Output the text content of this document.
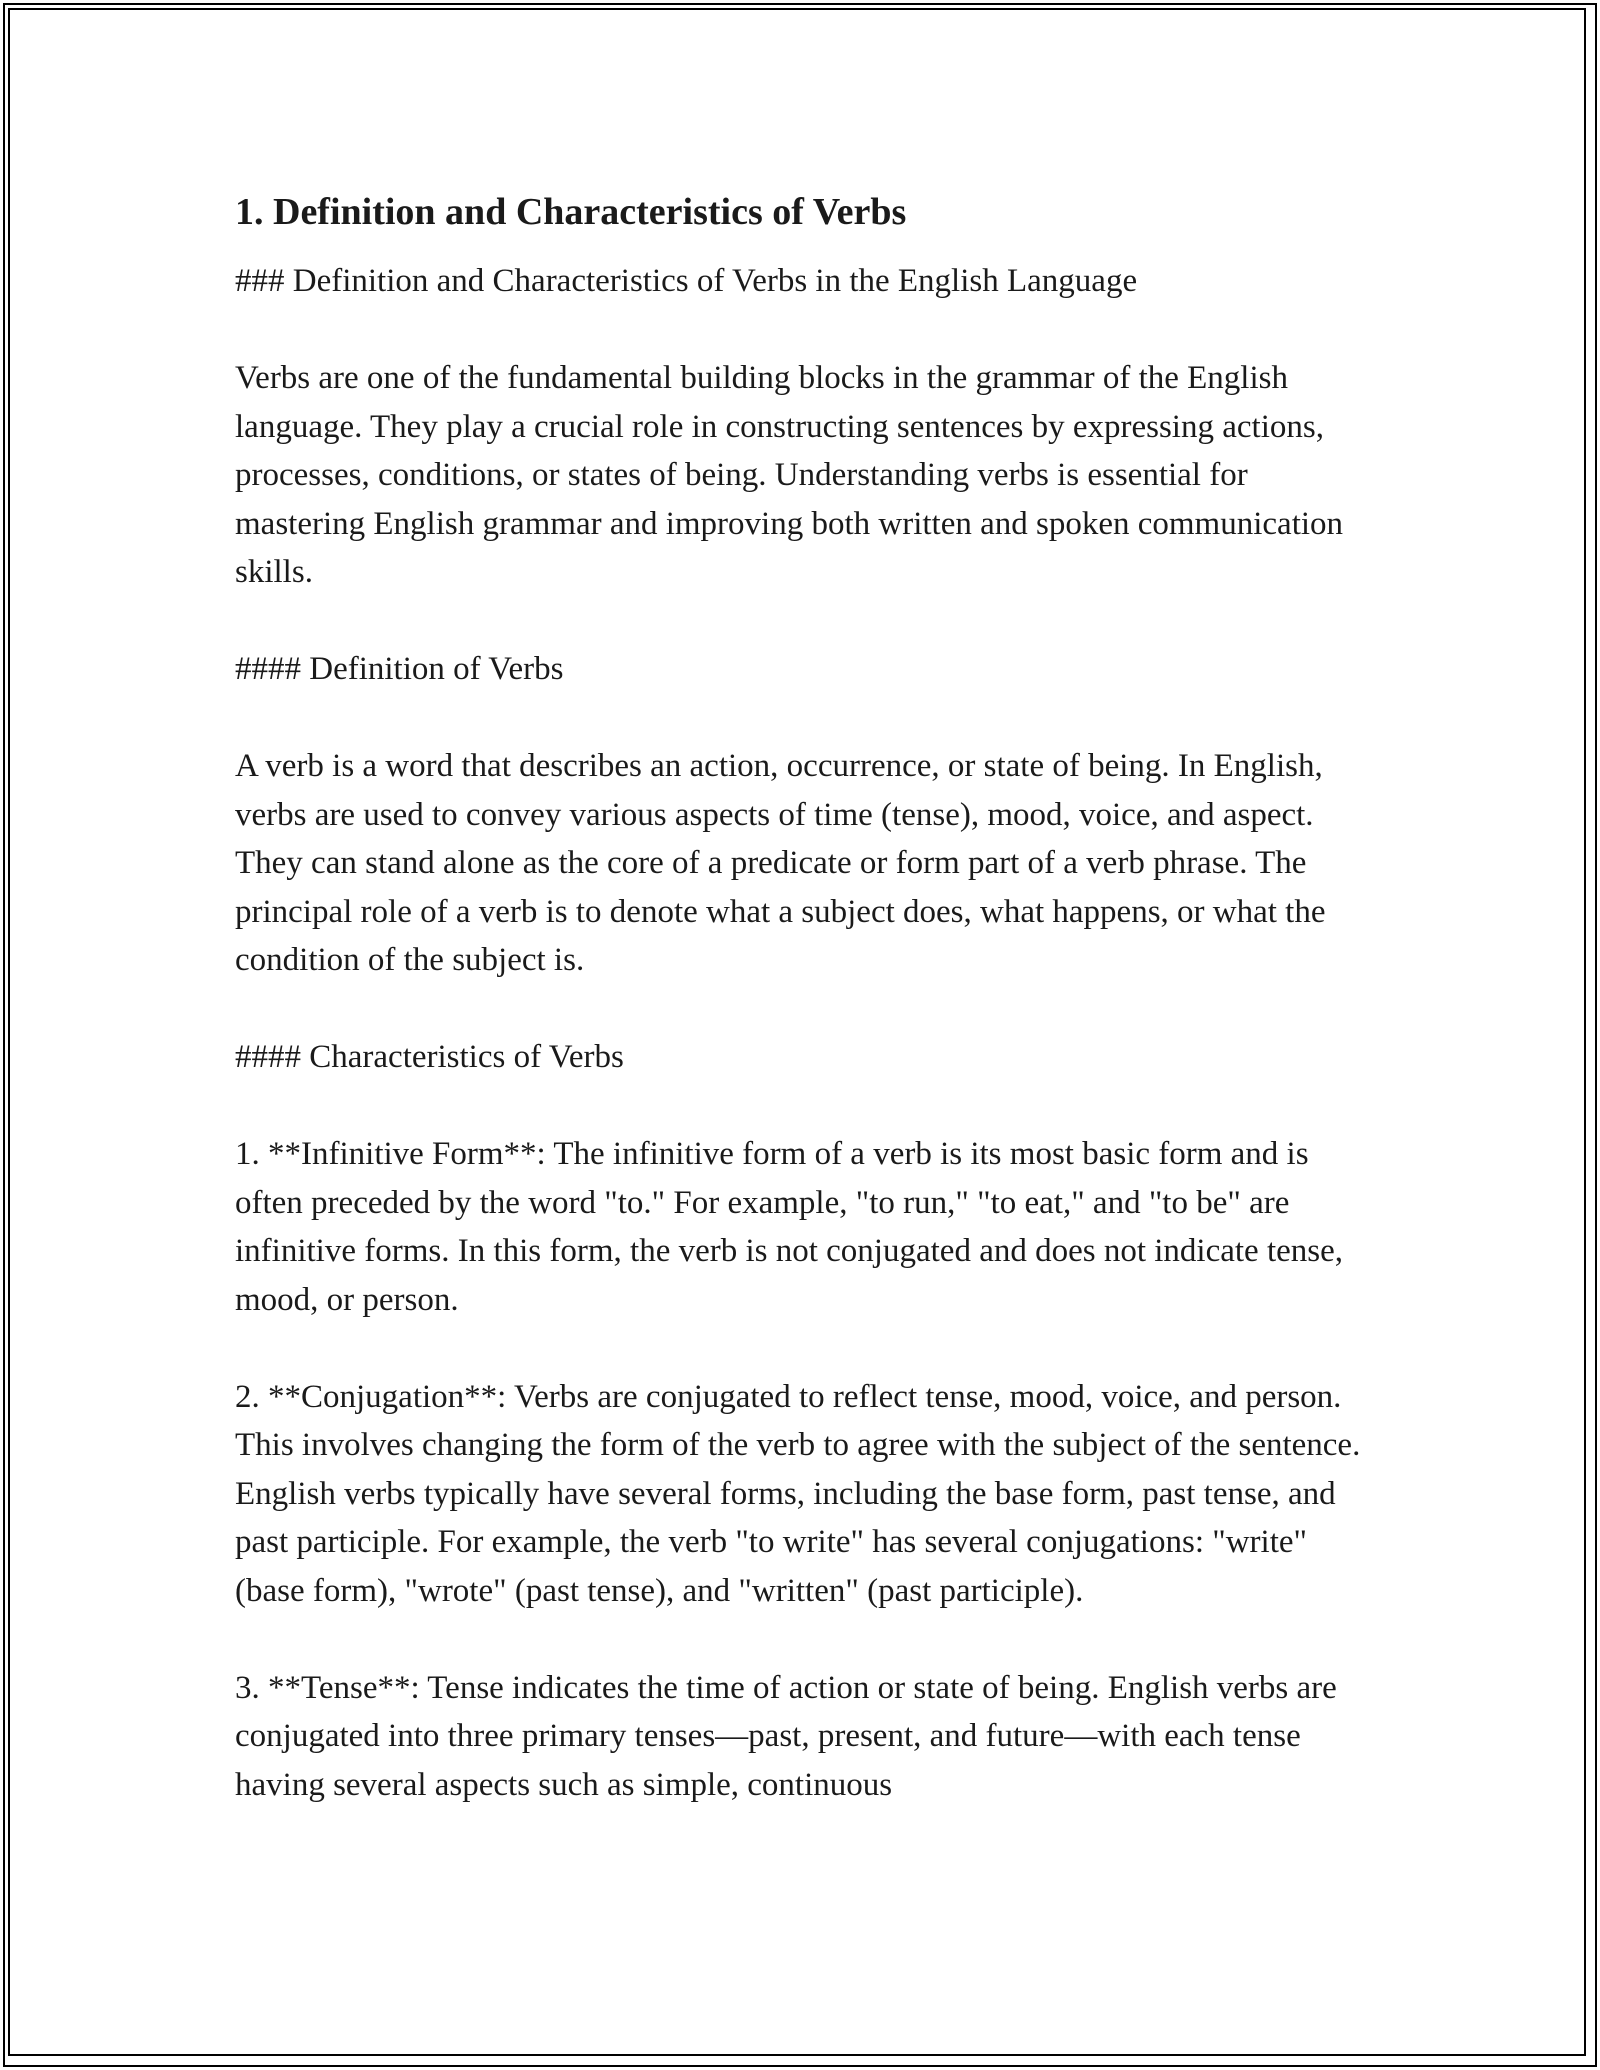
1. Definition and Characteristics of Verbs

### Definition and Characteristics of Verbs in the English Language

Verbs are one of the fundamental building blocks in the grammar of the English language. They play a crucial role in constructing sentences by expressing actions, processes, conditions, or states of being. Understanding verbs is essential for mastering English grammar and improving both written and spoken communication skills.

#### Definition of Verbs

A verb is a word that describes an action, occurrence, or state of being. In English, verbs are used to convey various aspects of time (tense), mood, voice, and aspect. They can stand alone as the core of a predicate or form part of a verb phrase. The principal role of a verb is to denote what a subject does, what happens, or what the condition of the subject is.

#### Characteristics of Verbs

1. **Infinitive Form**: The infinitive form of a verb is its most basic form and is often preceded by the word "to." For example, "to run," "to eat," and "to be" are infinitive forms. In this form, the verb is not conjugated and does not indicate tense, mood, or person.

2. **Conjugation**: Verbs are conjugated to reflect tense, mood, voice, and person. This involves changing the form of the verb to agree with the subject of the sentence. English verbs typically have several forms, including the base form, past tense, and past participle. For example, the verb "to write" has several conjugations: "write" (base form), "wrote" (past tense), and "written" (past participle).

3. **Tense**: Tense indicates the time of action or state of being. English verbs are conjugated into three primary tenses—past, present, and future—with each tense having several aspects such as simple, continuous
